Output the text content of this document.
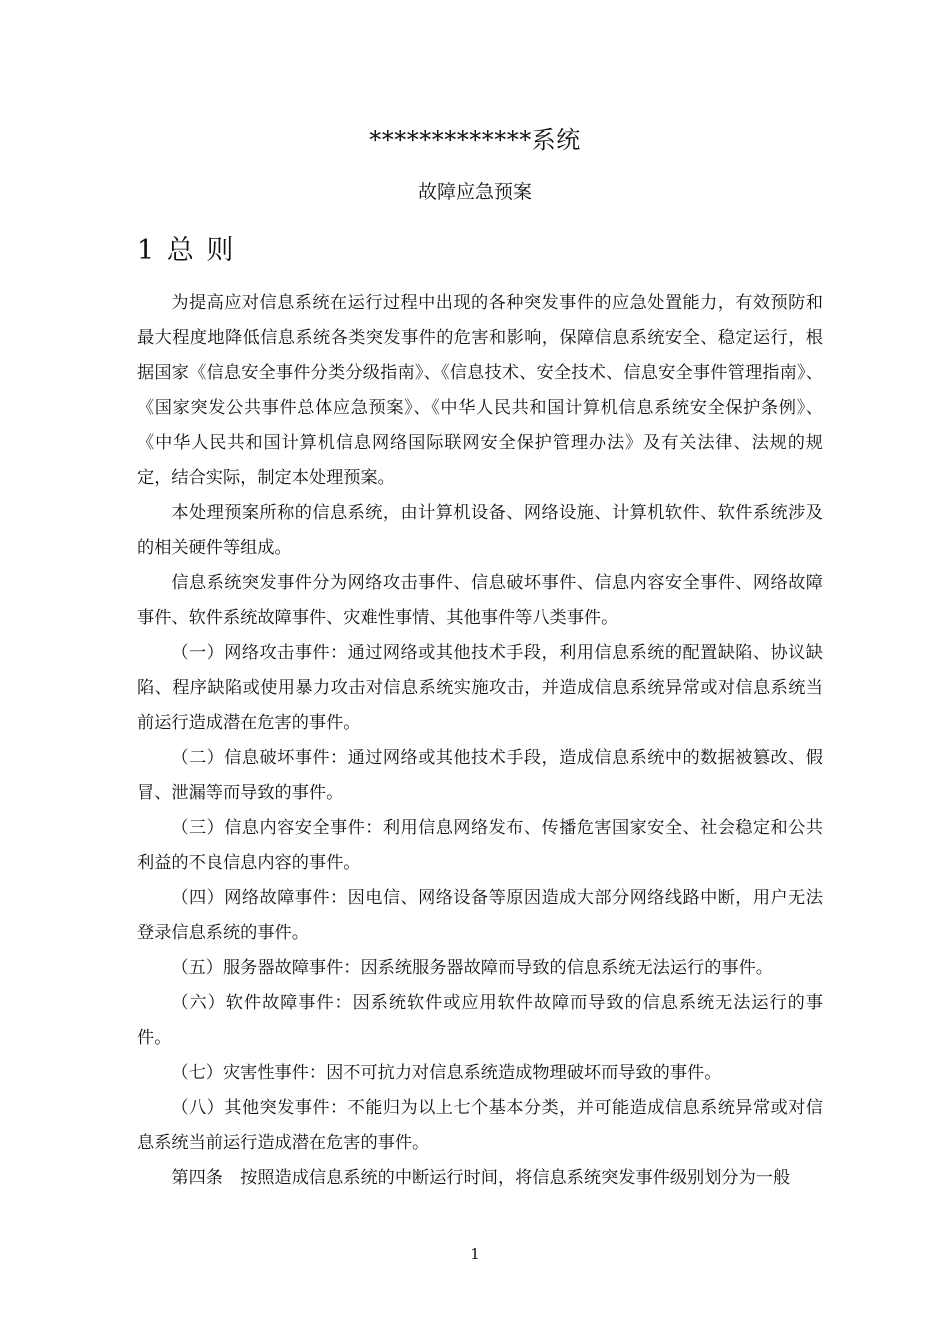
*************系统
故障应急预案
1 总 则

为提高应对信息系统在运行过程中出现的各种突发事件的应急处置能力，有效预防和最大程度地降低信息系统各类突发事件的危害和影响，保障信息系统安全、稳定运行，根据国家《信息安全事件分类分级指南》、《信息技术、安全技术、信息安全事件管理指南》、《国家突发公共事件总体应急预案》、《中华人民共和国计算机信息系统安全保护条例》、《中华人民共和国计算机信息网络国际联网安全保护管理办法》及有关法律、法规的规定，结合实际，制定本处理预案。

本处理预案所称的信息系统，由计算机设备、网络设施、计算机软件、软件系统涉及的相关硬件等组成。

信息系统突发事件分为网络攻击事件、信息破坏事件、信息内容安全事件、网络故障事件、软件系统故障事件、灾难性事情、其他事件等八类事件。

（一）网络攻击事件：通过网络或其他技术手段，利用信息系统的配置缺陷、协议缺陷、程序缺陷或使用暴力攻击对信息系统实施攻击，并造成信息系统异常或对信息系统当前运行造成潜在危害的事件。

（二）信息破坏事件：通过网络或其他技术手段，造成信息系统中的数据被篡改、假冒、泄漏等而导致的事件。

（三）信息内容安全事件：利用信息网络发布、传播危害国家安全、社会稳定和公共利益的不良信息内容的事件。

（四）网络故障事件：因电信、网络设备等原因造成大部分网络线路中断，用户无法登录信息系统的事件。

（五）服务器故障事件：因系统服务器故障而导致的信息系统无法运行的事件。

（六）软件故障事件：因系统软件或应用软件故障而导致的信息系统无法运行的事件。

（七）灾害性事件：因不可抗力对信息系统造成物理破坏而导致的事件。

（八）其他突发事件：不能归为以上七个基本分类，并可能造成信息系统异常或对信息系统当前运行造成潜在危害的事件。

第四条　按照造成信息系统的中断运行时间，将信息系统突发事件级别划分为一般

1
